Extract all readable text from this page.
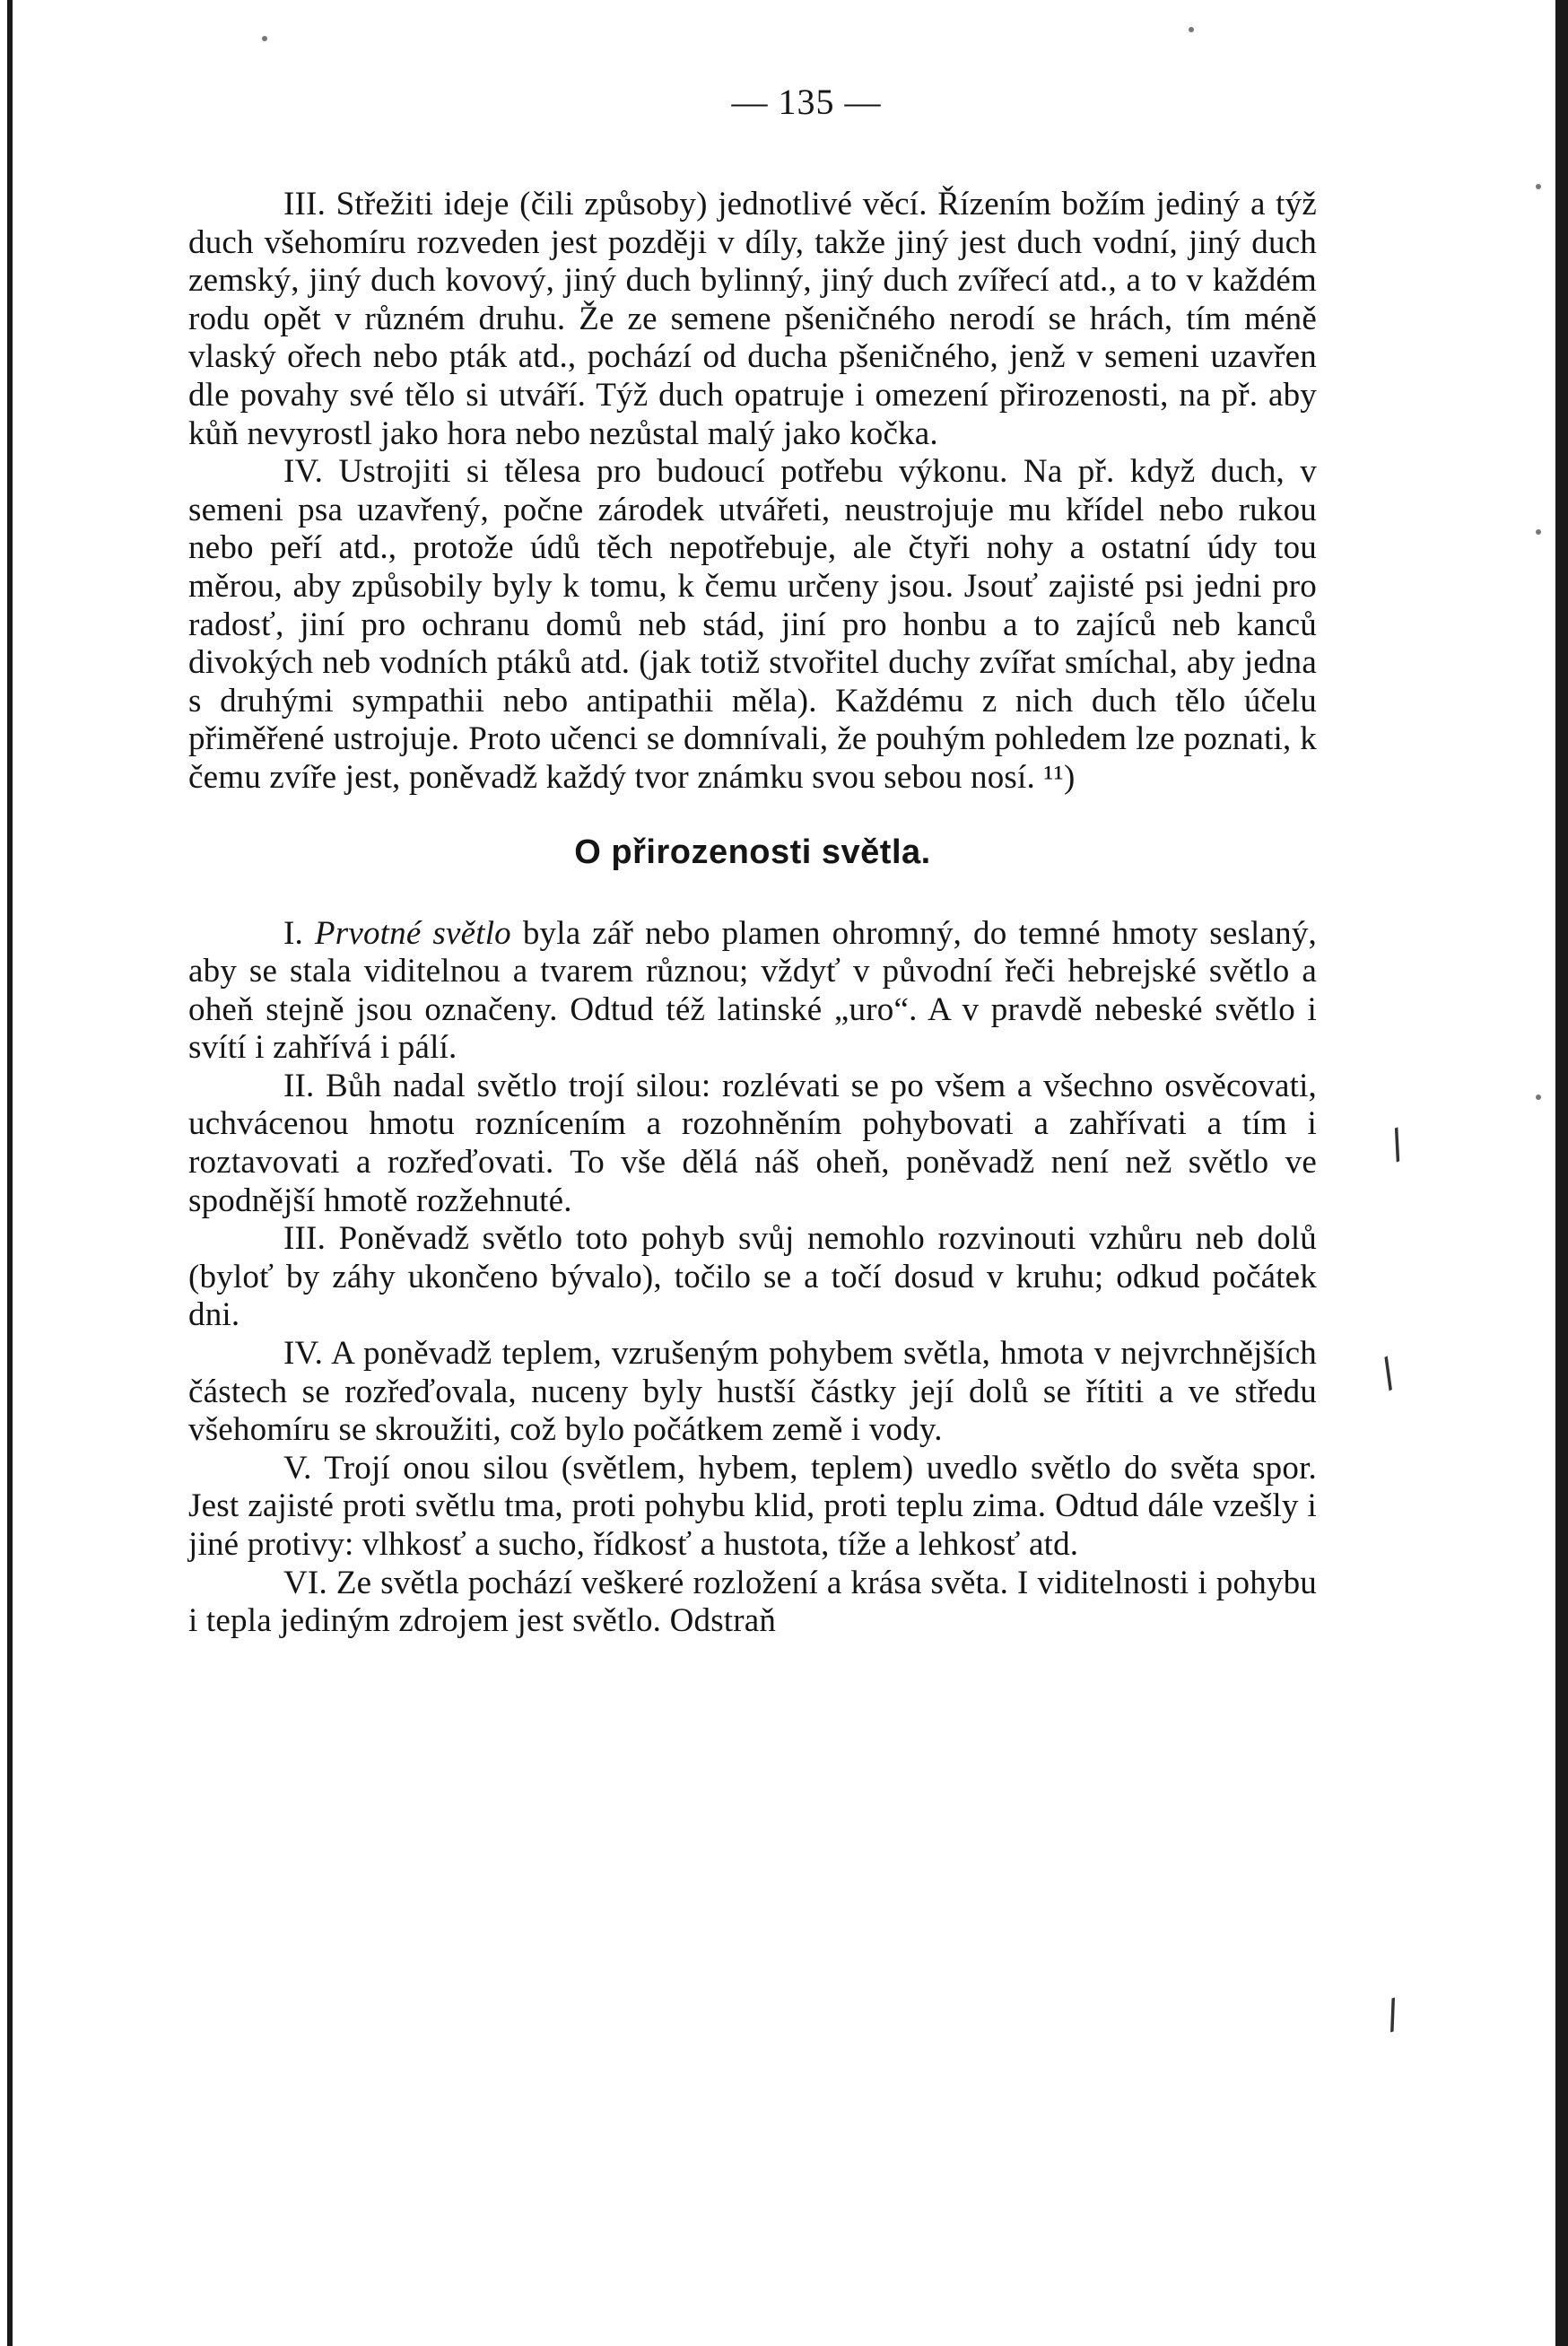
/
/
/
— 135 —

III. Střežiti ideje (čili způsoby) jednotlivé věcí. Řízením božím jediný a týž duch všehomíru rozveden jest později v díly, takže jiný jest duch vodní, jiný duch zemský, jiný duch kovový, jiný duch bylinný, jiný duch zvířecí atd., a to v každém rodu opět v různém druhu. Že ze semene pšeničného nerodí se hrách, tím méně vlaský ořech nebo pták atd., pochází od ducha pšeničného, jenž v semeni uzavřen dle povahy své tělo si utváří. Týž duch opatruje i omezení přirozenosti, na př. aby kůň nevyrostl jako hora nebo nezůstal malý jako kočka.

IV. Ustrojiti si tělesa pro budoucí potřebu výkonu. Na př. když duch, v semeni psa uzavřený, počne zárodek utvářeti, neustrojuje mu křídel nebo rukou nebo peří atd., protože údů těch nepotřebuje, ale čtyři nohy a ostatní údy tou měrou, aby způsobily byly k tomu, k čemu určeny jsou. Jsouť zajisté psi jedni pro radosť, jiní pro ochranu domů neb stád, jiní pro honbu a to zajíců neb kanců divokých neb vodních ptáků atd. (jak totiž stvořitel duchy zvířat smíchal, aby jedna s druhými sympathii nebo antipathii měla). Každému z nich duch tělo účelu přiměřené ustrojuje. Proto učenci se domnívali, že pouhým pohledem lze poznati, k čemu zvíře jest, poněvadž každý tvor známku svou sebou nosí. ¹¹)

O přirozenosti světla.

I. Prvotné světlo byla zář nebo plamen ohromný, do temné hmoty seslaný, aby se stala viditelnou a tvarem různou; vždyť v původní řeči hebrejské světlo a oheň stejně jsou označeny. Odtud též latinské „uro“. A v pravdě nebeské světlo i svítí i zahřívá i pálí.

II. Bůh nadal světlo trojí silou: rozlévati se po všem a všechno osvěcovati, uchvácenou hmotu roznícením a rozohněním pohybovati a zahřívati a tím i roztavovati a rozřeďovati. To vše dělá náš oheň, poněvadž není než světlo ve spodnější hmotě rozžehnuté.

III. Poněvadž světlo toto pohyb svůj nemohlo rozvinouti vzhůru neb dolů (byloť by záhy ukončeno bývalo), točilo se a točí dosud v kruhu; odkud počátek dni.

IV. A poněvadž teplem, vzrušeným pohybem světla, hmota v nejvrchnějších částech se rozřeďovala, nuceny byly hustší částky její dolů se řítiti a ve středu všehomíru se skroužiti, což bylo počátkem země i vody.

V. Trojí onou silou (světlem, hybem, teplem) uvedlo světlo do světa spor. Jest zajisté proti světlu tma, proti pohybu klid, proti teplu zima. Odtud dále vzešly i jiné protivy: vlhkosť a sucho, řídkosť a hustota, tíže a lehkosť atd.

VI. Ze světla pochází veškeré rozložení a krása světa. I viditelnosti i pohybu i tepla jediným zdrojem jest světlo. Odstraň
